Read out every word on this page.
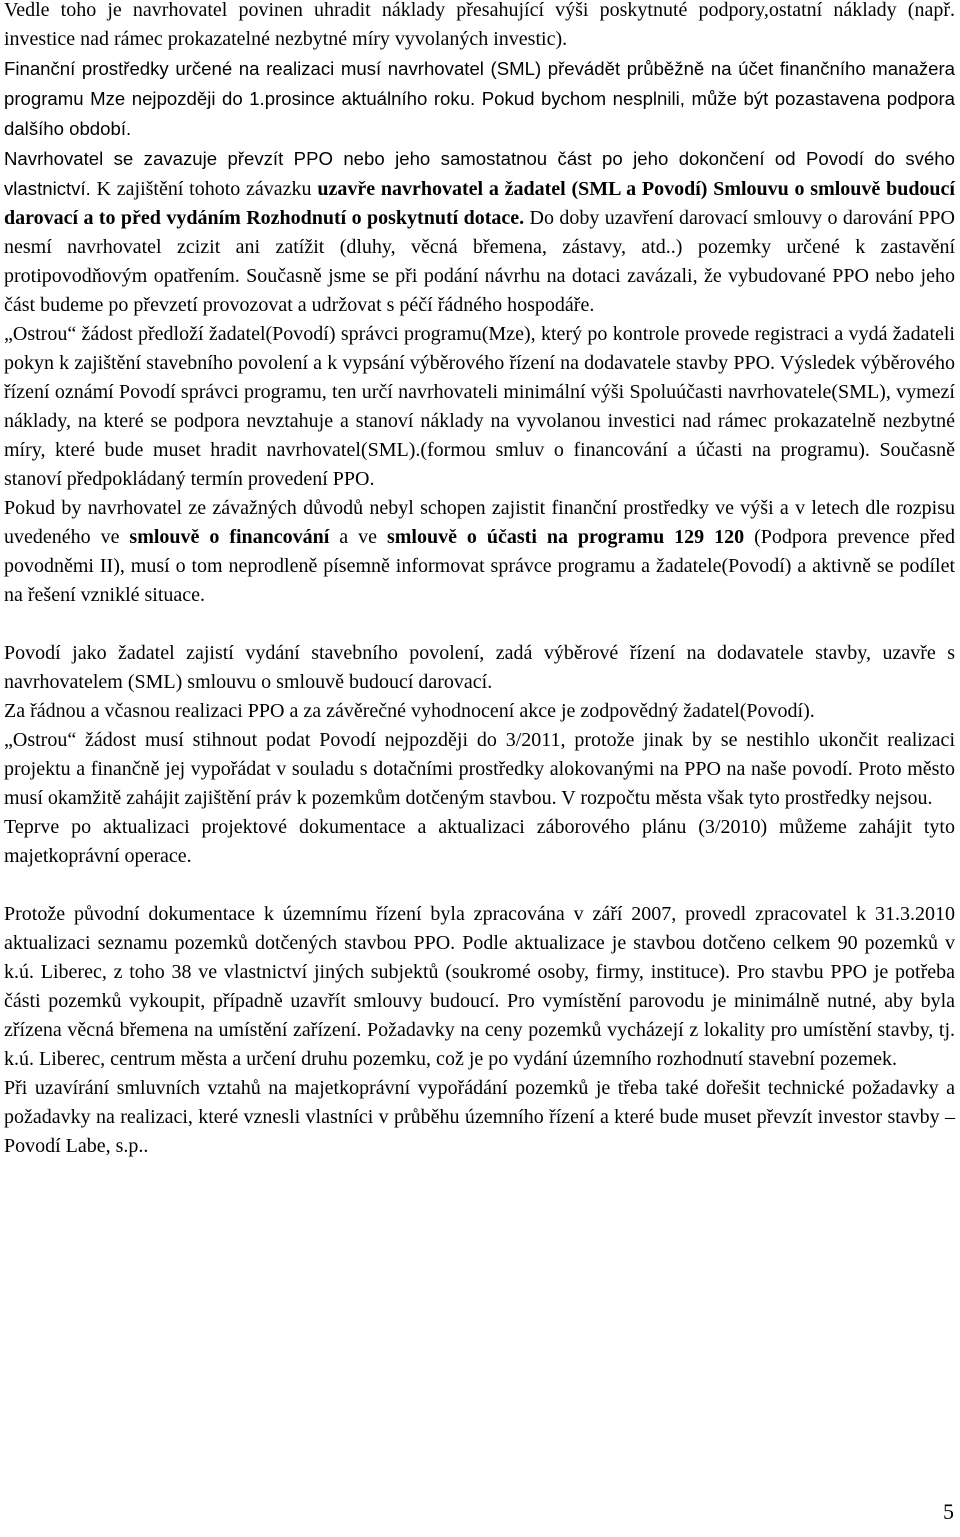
Vedle toho je navrhovatel povinen uhradit náklady přesahující výši poskytnuté podpory,ostatní náklady (např. investice nad rámec prokazatelné nezbytné míry vyvolaných investic).

Finanční prostředky určené na realizaci musí navrhovatel (SML) převádět průběžně na účet finančního manažera programu Mze nejpozději do 1.prosince aktuálního roku. Pokud bychom nesplnili, může být pozastavena podpora dalšího období.

Navrhovatel se zavazuje převzít PPO nebo jeho samostatnou část po jeho dokončení od Povodí do svého vlastnictví. K zajištění tohoto závazku uzavře navrhovatel a žadatel (SML a Povodí) Smlouvu o smlouvě budoucí darovací a to před vydáním Rozhodnutí o poskytnutí dotace. Do doby uzavření darovací smlouvy o darování PPO nesmí navrhovatel zcizit ani zatížit (dluhy, věcná břemena, zástavy, atd..) pozemky určené k zastavění protipovodňovým opatřením. Současně jsme se při podání návrhu na dotaci zavázali, že vybudované PPO nebo jeho část budeme po převzetí provozovat a udržovat s péčí řádného hospodáře.

„Ostrou“ žádost předloží žadatel(Povodí) správci programu(Mze), který po kontrole provede registraci a vydá žadateli pokyn k zajištění stavebního povolení a k vypsání výběrového řízení na dodavatele stavby PPO. Výsledek výběrového řízení oznámí Povodí správci programu, ten určí navrhovateli minimální výši Spoluúčasti navrhovatele(SML), vymezí náklady, na které se podpora nevztahuje a stanoví náklady na vyvolanou investici nad rámec prokazatelně nezbytné míry, které bude muset hradit navrhovatel(SML).(formou smluv o financování a účasti na programu). Současně stanoví předpokládaný termín provedení PPO.

Pokud by navrhovatel ze závažných důvodů nebyl schopen zajistit finanční prostředky ve výši a v letech dle rozpisu uvedeného ve smlouvě o financování a ve smlouvě o účasti na programu 129 120 (Podpora prevence před povodněmi II), musí o tom neprodleně písemně informovat správce programu a žadatele(Povodí) a aktivně se podílet na řešení vzniklé situace.

Povodí jako žadatel zajistí vydání stavebního povolení, zadá výběrové řízení na dodavatele stavby, uzavře s navrhovatelem (SML) smlouvu o smlouvě budoucí darovací.

Za řádnou a včasnou realizaci PPO a za závěrečné vyhodnocení akce je zodpovědný žadatel(Povodí).

„Ostrou“ žádost musí stihnout podat Povodí nejpozději do 3/2011, protože jinak by se nestihlo ukončit realizaci projektu a finančně jej vypořádat v souladu s dotačními prostředky alokovanými na PPO na naše povodí. Proto město musí okamžitě zahájit zajištění práv k pozemkům dotčeným stavbou. V rozpočtu města však tyto prostředky nejsou.

Teprve po aktualizaci projektové dokumentace a aktualizaci záborového plánu (3/2010) můžeme zahájit tyto majetkoprávní operace.

Protože původní dokumentace k územnímu řízení byla zpracována v září 2007, provedl zpracovatel k 31.3.2010 aktualizaci seznamu pozemků dotčených stavbou PPO. Podle aktualizace je stavbou dotčeno celkem 90 pozemků v k.ú. Liberec, z toho 38 ve vlastnictví jiných subjektů (soukromé osoby, firmy, instituce). Pro stavbu PPO je potřeba části pozemků vykoupit, případně uzavřít smlouvy budoucí. Pro vymístění parovodu je minimálně nutné, aby byla zřízena věcná břemena na umístění zařízení. Požadavky na ceny pozemků vycházejí z lokality pro umístění stavby, tj. k.ú. Liberec, centrum města a určení druhu pozemku, což je po vydání územního rozhodnutí stavební pozemek.

Při uzavírání smluvních vztahů na majetkoprávní vypořádání pozemků je třeba také dořešit technické požadavky a požadavky na realizaci, které vznesli vlastníci v průběhu územního řízení a které bude muset převzít investor stavby – Povodí Labe, s.p..

5
